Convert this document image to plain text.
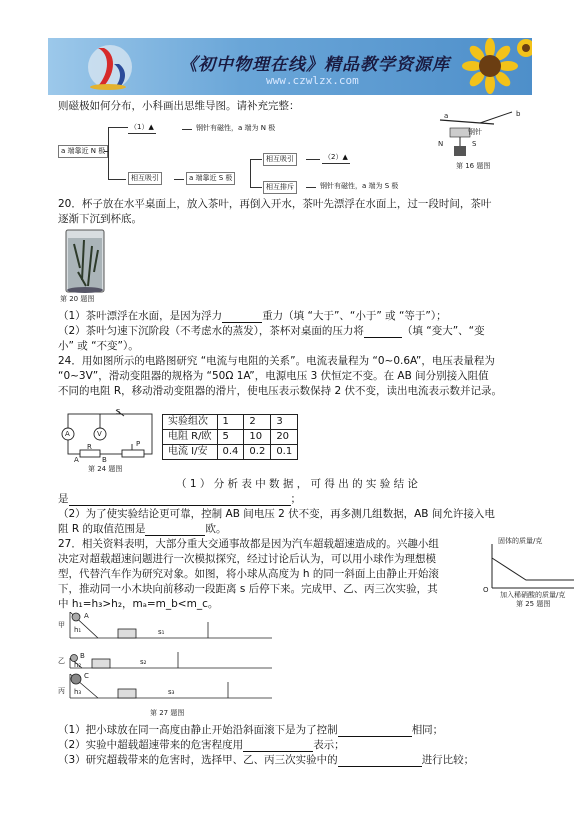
《初中物理在线》精品教学资源库
www.czwlzx.com
则磁极如何分布，小科画出思维导图。请补充完整：
a 端靠近 N 极
（1）▲	钢针有磁性，a 端为 N 极
相互吸引	a 端靠近 S 极
相互吸引	（2）▲
相互排斥	钢针有磁性，a 端为 S 极
a	b
钢针
N	S
第 16 题图
20．杯子放在水平桌面上，放入茶叶，再倒入开水，茶叶先漂浮在水面上，过一段时间，茶叶
逐渐下沉到杯底。
第 20 题图
（1）茶叶漂浮在水面，是因为浮力	重力（填 “大于”、“小于” 或 “等于”）；
（2）茶叶匀速下沉阶段（不考虑水的蒸发），茶杯对桌面的压力将	（填 “变大”、“变
小” 或 “不变”）。
24．用如图所示的电路图研究 “电流与电阻的关系”。电流表量程为 “0~0.6A”，电压表量程为
“0~3V”，滑动变阻器的规格为 “50Ω 1A”，电源电压 3 伏恒定不变。在 AB 间分别接入阻值
不同的电阻 R，移动滑动变阻器的滑片，使电压表示数保持 2 伏不变，读出电流表示数并记录。
A	V
S
P
A	B
R
第 24 题图
实验组次	1	2	3
电阻 R/欧	5	10	20
电流 I/安	0.4	0.2	0.1
（ 1 ） 分 析 表 中 数 据 ， 可 得 出 的 实 验 结 论
是	；
（2）为了使实验结论更可靠，控制 AB 间电压 2 伏不变，再多测几组数据，AB 间允许接入电
阻 R 的取值范围是	欧。
固体的质量/克
O
加入稀硝酸的质量/克
第 25 题图
27．相关资料表明，大部分重大交通事故都是因为汽车超载超速造成的。兴趣小组
决定对超载超速问题进行一次模拟探究，经过讨论后认为，可以用小球作为理想模
型，代替汽车作为研究对象。如图，将小球从高度为 h 的同一斜面上由静止开始滚
下，推动同一小木块向前移动一段距离 s 后停下来。完成甲、乙、丙三次实验，其
中 h₁=h₃>h₂，mₐ=m_b<m_c。
甲
乙
丙
A
B
C
h₁
h₂
h₃
s₁
s₂
s₃
第 27 题图
（1）把小球放在同一高度由静止开始沿斜面滚下是为了控制	相同；
（2）实验中超载超速带来的危害程度用	表示；
（3）研究超载带来的危害时，选择甲、乙、丙三次实验中的	进行比较；
